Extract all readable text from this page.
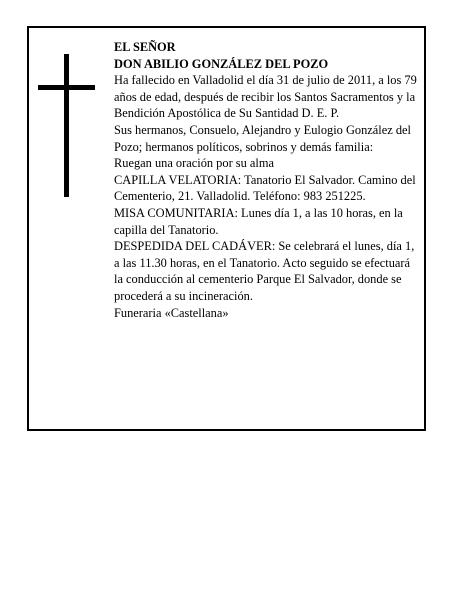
EL SEÑOR

DON ABILIO GONZÁLEZ DEL POZO

Ha fallecido en Valladolid el día 31 de julio de 2011, a los 79 años de edad, después de recibir los Santos Sacramentos y la Bendición Apostólica de Su Santidad D. E. P.

Sus hermanos, Consuelo, Alejandro y Eulogio González del Pozo; hermanos políticos, sobrinos y demás familia:

Ruegan una oración por su alma

CAPILLA VELATORIA: Tanatorio El Salvador. Camino del Cementerio, 21. Valladolid. Teléfono: 983 251225.

MISA COMUNITARIA: Lunes día 1, a las 10 horas, en la capilla del Tanatorio.

DESPEDIDA DEL CADÁVER: Se celebrará el lunes, día 1, a las 11.30 horas, en el Tanatorio. Acto seguido se efectuará la conducción al cementerio Parque El Salvador, donde se procederá a su incineración.

Funeraria «Castellana»
